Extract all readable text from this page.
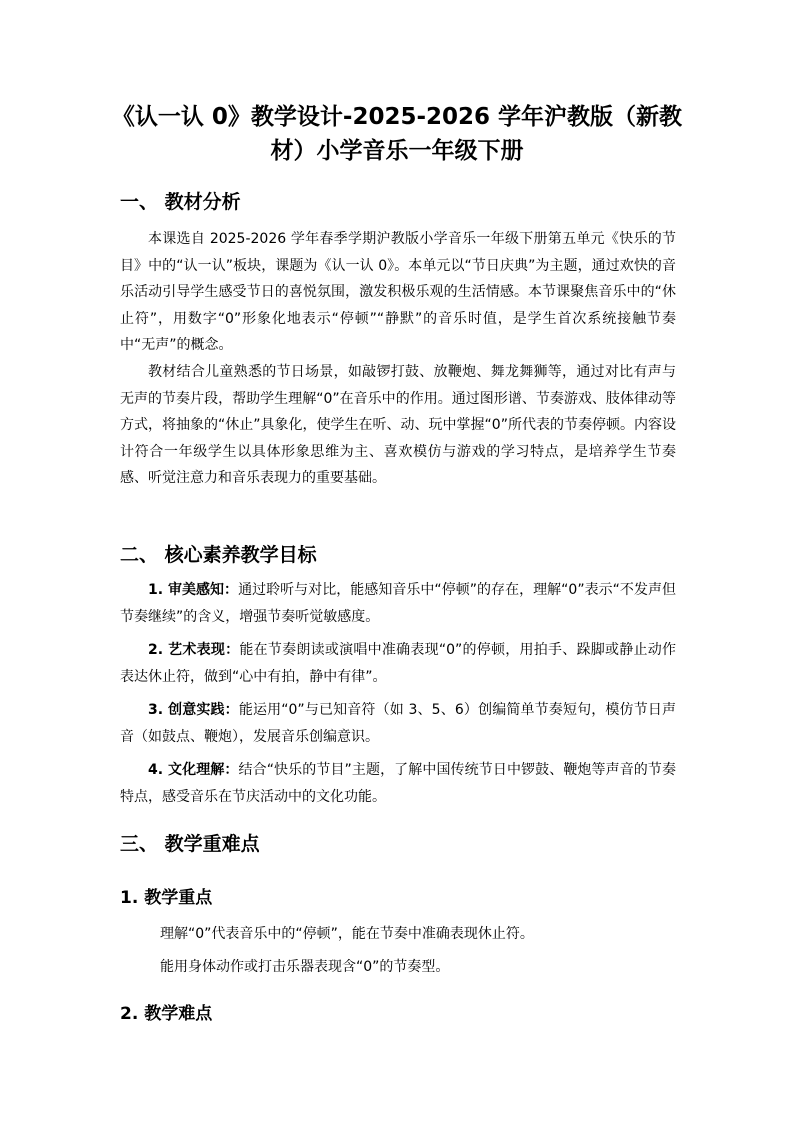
《认一认 0》教学设计-2025-2026 学年沪教版（新教材）小学音乐一年级下册
一、 教材分析
本课选自 2025-2026 学年春季学期沪教版小学音乐一年级下册第五单元《快乐的节目》中的“认一认”板块，课题为《认一认 0》。本单元以“节日庆典”为主题，通过欢快的音乐活动引导学生感受节日的喜悦氛围，激发积极乐观的生活情感。本节课聚焦音乐中的“休止符”，用数字“0”形象化地表示“停顿”“静默”的音乐时值，是学生首次系统接触节奏中“无声”的概念。
教材结合儿童熟悉的节日场景，如敲锣打鼓、放鞭炮、舞龙舞狮等，通过对比有声与无声的节奏片段，帮助学生理解“0”在音乐中的作用。通过图形谱、节奏游戏、肢体律动等方式，将抽象的“休止”具象化，使学生在听、动、玩中掌握“0”所代表的节奏停顿。内容设计符合一年级学生以具体形象思维为主、喜欢模仿与游戏的学习特点，是培养学生节奏感、听觉注意力和音乐表现力的重要基础。
二、 核心素养教学目标
1. 审美感知：通过聆听与对比，能感知音乐中“停顿”的存在，理解“0”表示“不发声但节奏继续”的含义，增强节奏听觉敏感度。
2. 艺术表现：能在节奏朗读或演唱中准确表现“0”的停顿，用拍手、跺脚或静止动作表达休止符，做到“心中有拍，静中有律”。
3. 创意实践：能运用“0”与已知音符（如 3、5、6）创编简单节奏短句，模仿节日声音（如鼓点、鞭炮），发展音乐创编意识。
4. 文化理解：结合“快乐的节目”主题，了解中国传统节日中锣鼓、鞭炮等声音的节奏特点，感受音乐在节庆活动中的文化功能。
三、 教学重难点
1. 教学重点
理解“0”代表音乐中的“停顿”，能在节奏中准确表现休止符。
能用身体动作或打击乐器表现含“0”的节奏型。
2. 教学难点
